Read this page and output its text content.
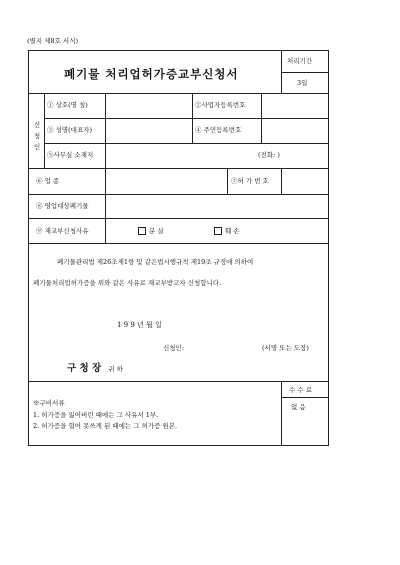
(별지 제8호 서식)
폐기물 처리업허가증교부신청서
처리기간
3일
신 청 인
① 상호(명 칭)	②사업자등록번호
③ 성명(대표자)	④ 주민등록번호
⑤사무실 소재지	(전화: )
⑥ 업 종	⑦허 가 번 호
⑧ 영업대상폐기물
⑨ 재교부신청사유	분 실	훼 손
폐기물관리법 제26조제1항 및 같은법시행규칙 제19조 규정에 의하여
폐기물처리업허가증을 위와 같은 사유로 재교부받고자 신청합니다.
1 9 9 년 월 일
신청인:	(서명 또는 도장)
구 청 장 귀 하
※구비서류
1. 허가증을 잃어버린 때에는 그 사유서 1부.
2. 허가증을 헐어 못쓰게 된 때에는 그 허가증 원본.
수 수 료
없 음
